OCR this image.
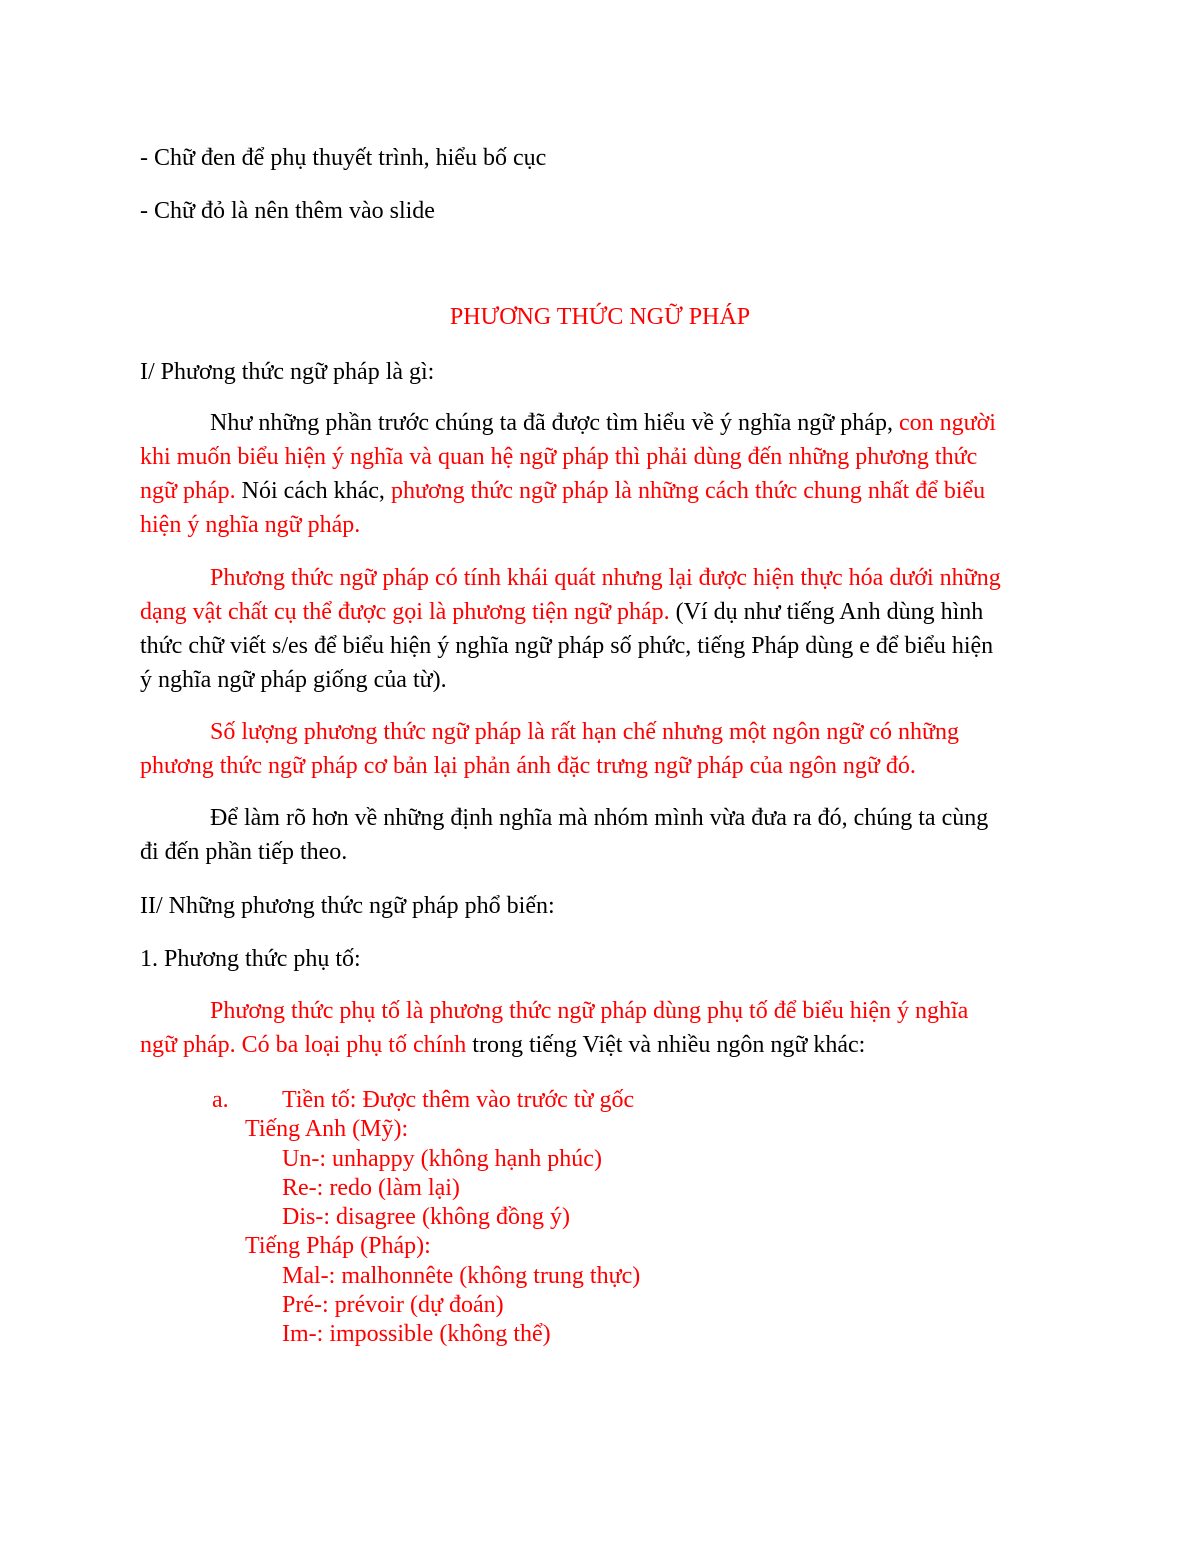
- Chữ đen để phụ thuyết trình, hiểu bố cục
- Chữ đỏ là nên thêm vào slide
PHƯƠNG THỨC NGỮ PHÁP
I/ Phương thức ngữ pháp là gì:
Như những phần trước chúng ta đã được tìm hiểu về ý nghĩa ngữ pháp, con người
khi muốn biểu hiện ý nghĩa và quan hệ ngữ pháp thì phải dùng đến những phương thức
ngữ pháp. Nói cách khác, phương thức ngữ pháp là những cách thức chung nhất để biểu
hiện ý nghĩa ngữ pháp.
Phương thức ngữ pháp có tính khái quát nhưng lại được hiện thực hóa dưới những
dạng vật chất cụ thể được gọi là phương tiện ngữ pháp. (Ví dụ như tiếng Anh dùng hình
thức chữ viết s/es để biểu hiện ý nghĩa ngữ pháp số phức, tiếng Pháp dùng e để biểu hiện
ý nghĩa ngữ pháp giống của từ).
Số lượng phương thức ngữ pháp là rất hạn chế nhưng một ngôn ngữ có những
phương thức ngữ pháp cơ bản lại phản ánh đặc trưng ngữ pháp của ngôn ngữ đó.
Để làm rõ hơn về những định nghĩa mà nhóm mình vừa đưa ra đó, chúng ta cùng
đi đến phần tiếp theo.
II/ Những phương thức ngữ pháp phổ biến:
1. Phương thức phụ tố:
Phương thức phụ tố là phương thức ngữ pháp dùng phụ tố để biểu hiện ý nghĩa
ngữ pháp. Có ba loại phụ tố chính trong tiếng Việt và nhiều ngôn ngữ khác:
a. Tiền tố: Được thêm vào trước từ gốc
Tiếng Anh (Mỹ):
Un-: unhappy (không hạnh phúc)
Re-: redo (làm lại)
Dis-: disagree (không đồng ý)
Tiếng Pháp (Pháp):
Mal-: malhonnête (không trung thực)
Pré-: prévoir (dự đoán)
Im-: impossible (không thể)
